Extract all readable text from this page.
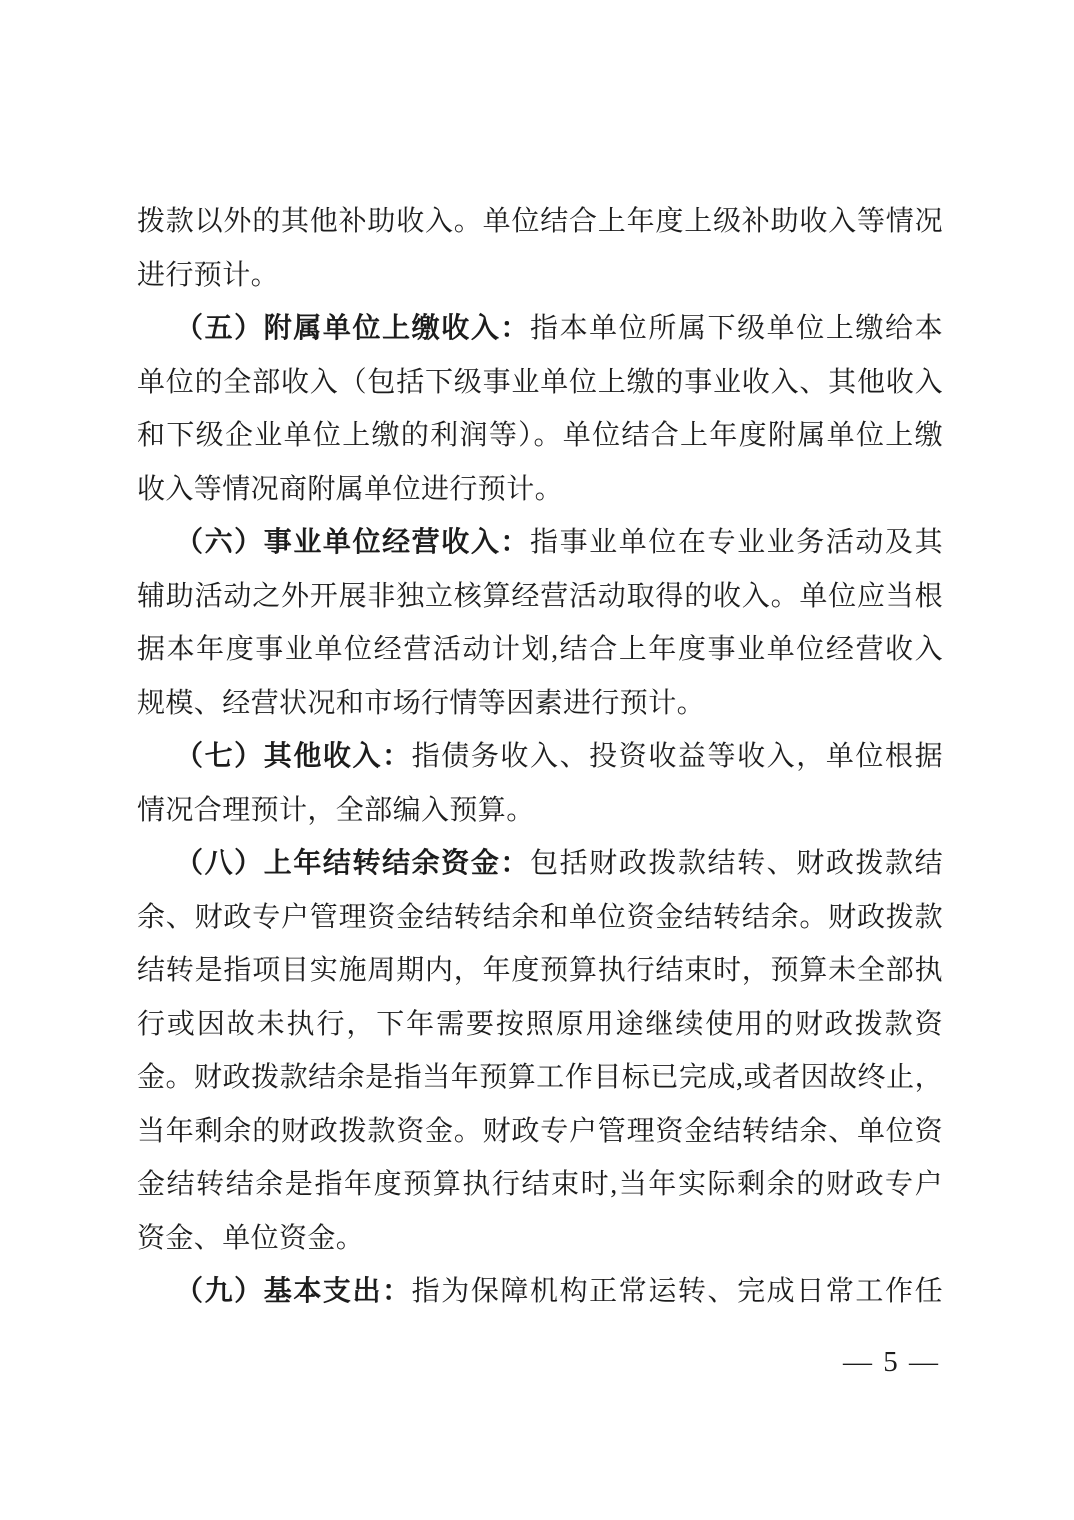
拨款以外的其他补助收入。单位结合上年度上级补助收入等情况
进行预计。
（五）附属单位上缴收入：指本单位所属下级单位上缴给本
单位的全部收入（包括下级事业单位上缴的事业收入、其他收入
和下级企业单位上缴的利润等）。单位结合上年度附属单位上缴
收入等情况商附属单位进行预计。
（六）事业单位经营收入：指事业单位在专业业务活动及其
辅助活动之外开展非独立核算经营活动取得的收入。单位应当根
据本年度事业单位经营活动计划,结合上年度事业单位经营收入
规模、经营状况和市场行情等因素进行预计。
（七）其他收入：指债务收入、投资收益等收入，单位根据
情况合理预计，全部编入预算。
（八）上年结转结余资金：包括财政拨款结转、财政拨款结
余、财政专户管理资金结转结余和单位资金结转结余。财政拨款
结转是指项目实施周期内，年度预算执行结束时，预算未全部执
行或因故未执行，下年需要按照原用途继续使用的财政拨款资
金。财政拨款结余是指当年预算工作目标已完成,或者因故终止，
当年剩余的财政拨款资金。财政专户管理资金结转结余、单位资
金结转结余是指年度预算执行结束时,当年实际剩余的财政专户
资金、单位资金。
（九）基本支出：指为保障机构正常运转、完成日常工作任
— 5 —
